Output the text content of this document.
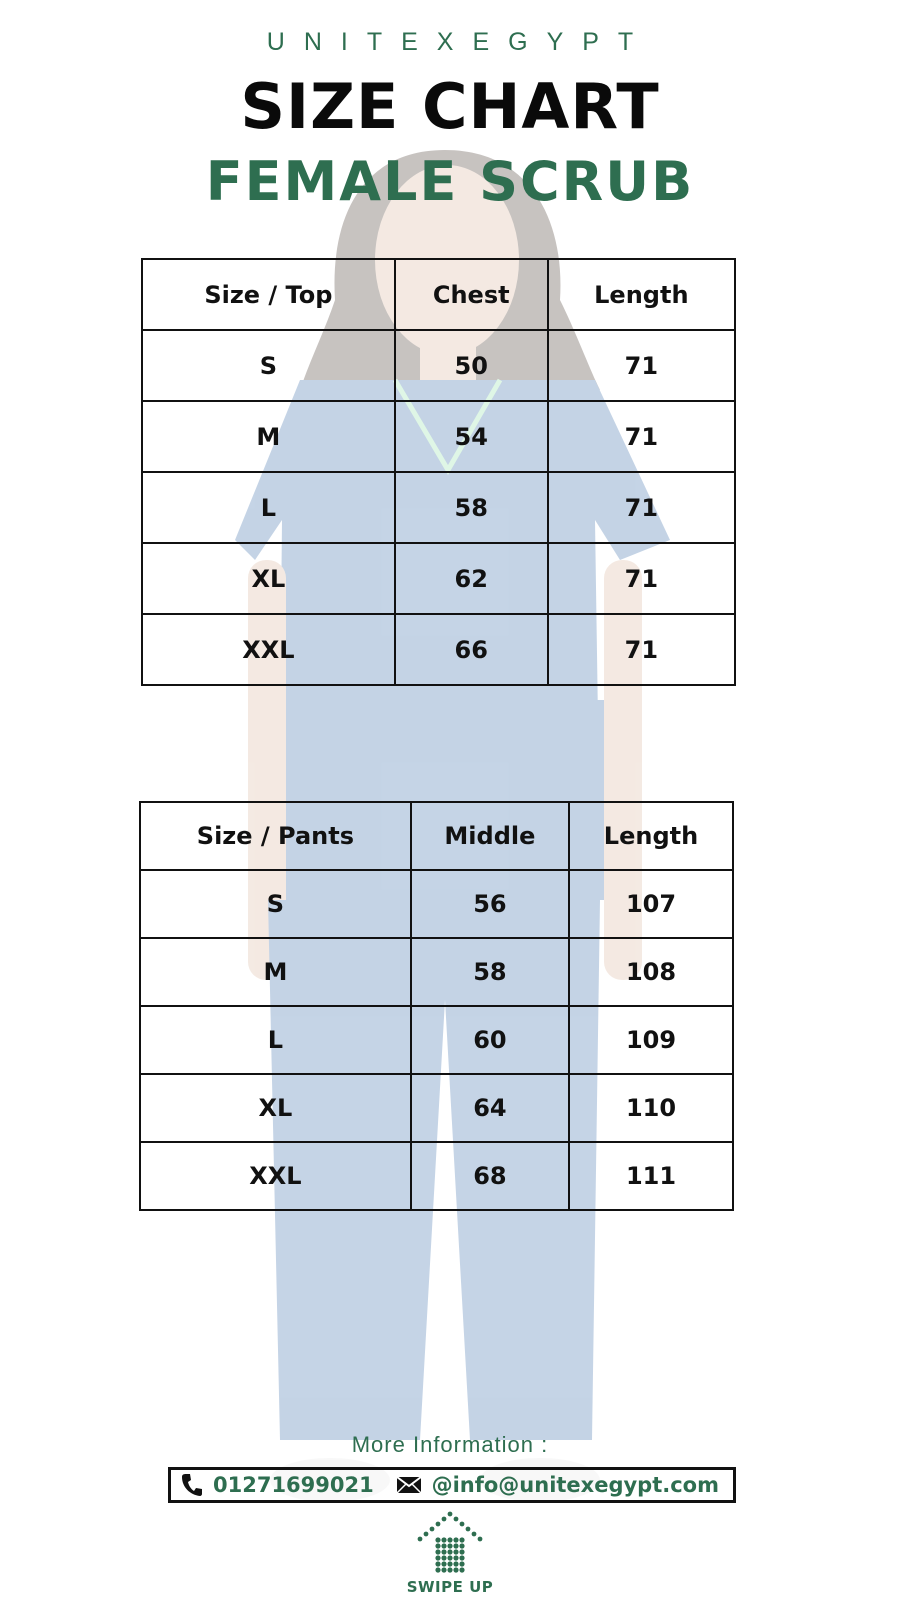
UNITEXEGYPT
SIZE CHART
FEMALE SCRUB
Size / Top	Chest	Length
S	50	71
M	54	71
L	58	71
XL	62	71
XXL	66	71
Size / Pants	Middle	Length
S	56	107
M	58	108
L	60	109
XL	64	110
XXL	68	111
More Information :
01271699021	@info@unitexegypt.com
SWIPE UP
